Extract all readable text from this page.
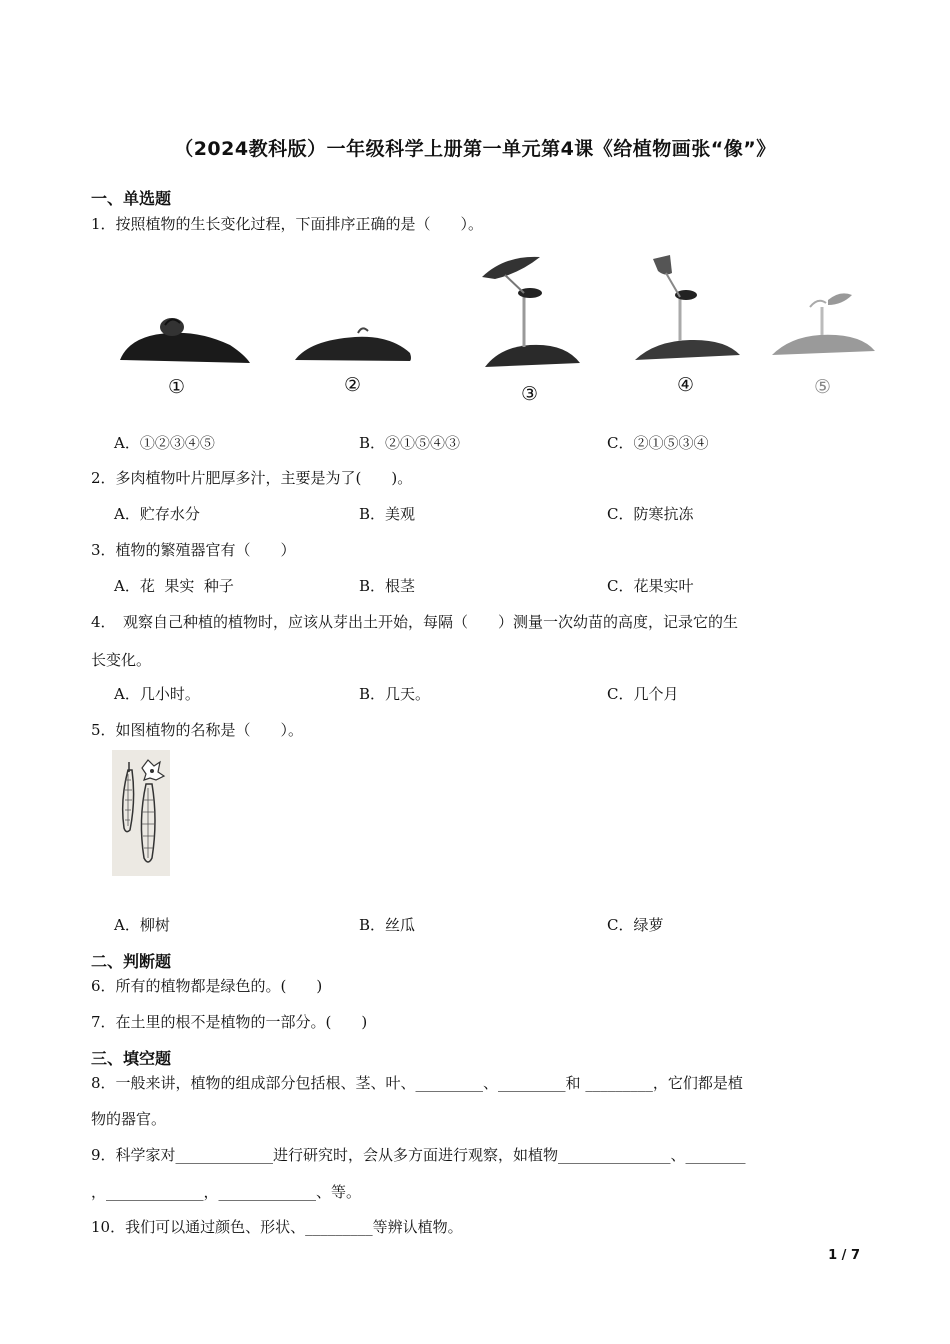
（2024教科版）一年级科学上册第一单元第4课《给植物画张“像”》
一、单选题
1．按照植物的生长变化过程，下面排序正确的是（　　）。
①	②	③	④	⑤
A．①②③④⑤	B．②①⑤④③	C．②①⑤③④
2．多肉植物叶片肥厚多汁，主要是为了(　　)。
A．贮存水分	B．美观	C．防寒抗冻
3．植物的繁殖器官有（　　）
A．花  果实  种子	B．根茎	C．花果实叶
4．　观察自己种植的植物时，应该从芽出土开始，每隔（　　）测量一次幼苗的高度，记录它的生
长变化。
A．几小时。	B．几天。	C．几个月
5．如图植物的名称是（　　）。
A．柳树	B．丝瓜	C．绿萝
二、判断题
6．所有的植物都是绿色的。(　　)
7．在土里的根不是植物的一部分。(　　)
三、填空题
8．一般来讲，植物的组成部分包括根、茎、叶、_________、_________和 _________，它们都是植
物的器官。
9．科学家对_____________进行研究时，会从多方面进行观察，如植物_______________、________
，_____________，_____________、等。
10．我们可以通过颜色、形状、_________等辨认植物。
1 / 7
